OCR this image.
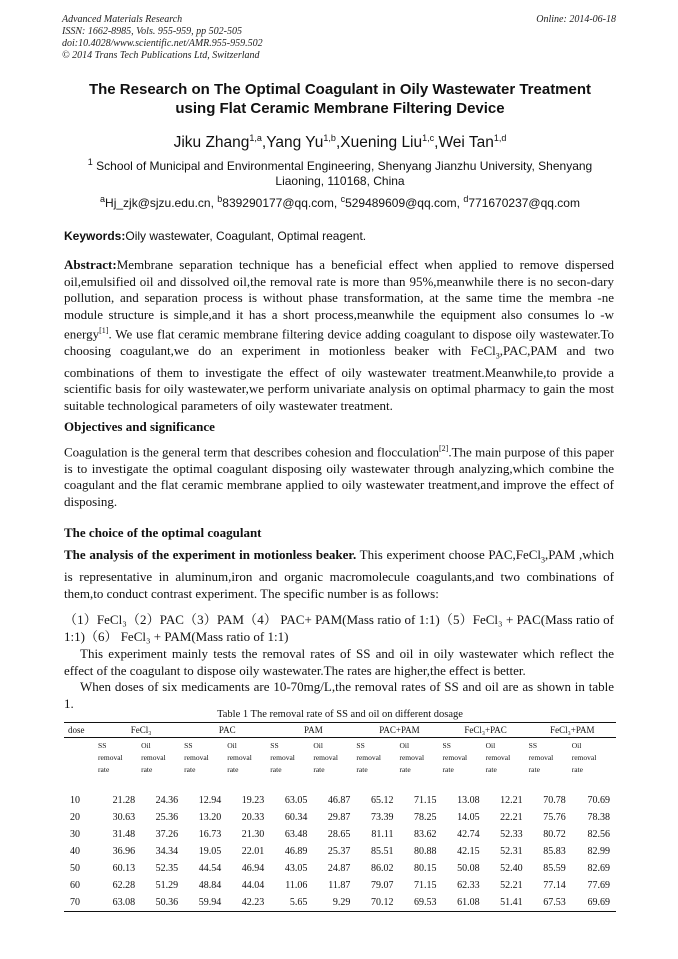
Advanced Materials Research
ISSN: 1662-8985, Vols. 955-959, pp 502-505
doi:10.4028/www.scientific.net/AMR.955-959.502
© 2014 Trans Tech Publications Ltd, Switzerland
Online: 2014-06-18
The Research on The Optimal Coagulant in Oily Wastewater Treatment
using Flat Ceramic Membrane Filtering Device
Jiku Zhang$^{1,a}$,Yang Yu$^{1,b}$,Xuening Liu$^{1,c}$,Wei Tan$^{1,d}$
$^1$ School of Municipal and Environmental Engineering, Shenyang Jianzhu University, Shenyang Liaoning, 110168, China
$^a$Hj_zjk@sjzu.edu.cn, $^b$839290177@qq.com, $^c$529489609@qq.com, $^d$771670237@qq.com
Keywords:Oily wastewater, Coagulant, Optimal reagent.
Abstract:Membrane separation technique has a beneficial effect when applied to remove dispersed oil,emulsified oil and dissolved oil,the removal rate is more than 95%,meanwhile there is no secon-dary pollution, and separation process is without phase transformation, at the same time the membra -ne module structure is simple,and it has a short process,meanwhile the equipment also consumes lo -w energy[1]. We use flat ceramic membrane filtering device adding coagulant to dispose oily wastewater.To choosing coagulant,we do an experiment in motionless beaker with FeCl$_3$,PAC,PAM and two combinations of them to investigate the effect of oily wastewater treatment.Meanwhile,to provide a scientific basis for oily wastewater,we perform univariate analysis on optimal pharmacy to gain the most suitable technological parameters of oily wastewater treatment.
Objectives and significance
Coagulation is the general term that describes cohesion and flocculation[2].The main purpose of this paper is to investigate the optimal coagulant disposing oily wastewater through analyzing,which combine the coagulant and the flat ceramic membrane applied to oily wastewater treatment,and improve the effect of disposing.
The choice of the optimal coagulant
The analysis of the experiment in motionless beaker. This experiment choose PAC,FeCl$_3$,PAM ,which is representative in aluminum,iron and organic macromolecule coagulants,and two combinations of them,to conduct contrast experiment. The specific number is as follows:
（1）FeCl₃（2）PAC（3）PAM（4） PAC+ PAM(Mass ratio of 1:1)（5）FeCl₃ + PAC(Mass ratio of 1:1)（6） FeCl₃ + PAM(Mass ratio of 1:1)
This experiment mainly tests the removal rates of SS and oil in oily wastewater which reflect the effect of the coagulant to dispose oily wastewater.The rates are higher,the effect is better.
When doses of six medicaments are 10-70mg/L,the removal rates of SS and oil are as shown in table 1.
Table 1 The removal rate of SS and oil on different dosage
dose	FeCl₃		PAC		PAM		PAC+PAM		FeCl₃+PAC		FeCl₃+PAM	

	SS
removal
rate	Oil
removal
rate	SS
removal
rate	Oil
removal
rate	SS
removal
rate	Oil
removal
rate	SS
removal
rate	Oil
removal
rate	SS
removal
rate	Oil
removal
rate	SS
removal
rate	Oil
removal
rate

10	21.28	24.36	12.94	19.23	63.05	46.87	65.12	71.15	13.08	12.21	70.78	70.69
20	30.63	25.36	13.20	20.33	60.34	29.87	73.39	78.25	14.05	22.21	75.76	78.38
30	31.48	37.26	16.73	21.30	63.48	28.65	81.11	83.62	42.74	52.33	80.72	82.56
40	36.96	34.34	19.05	22.01	46.89	25.37	85.51	80.88	42.15	52.31	85.83	82.99
50	60.13	52.35	44.54	46.94	43.05	24.87	86.02	80.15	50.08	52.40	85.59	82.69
60	62.28	51.29	48.84	44.04	11.06	11.87	79.07	71.15	62.33	52.21	77.14	77.69
70	63.08	50.36	59.94	42.23	5.65	9.29	70.12	69.53	61.08	51.41	67.53	69.69
